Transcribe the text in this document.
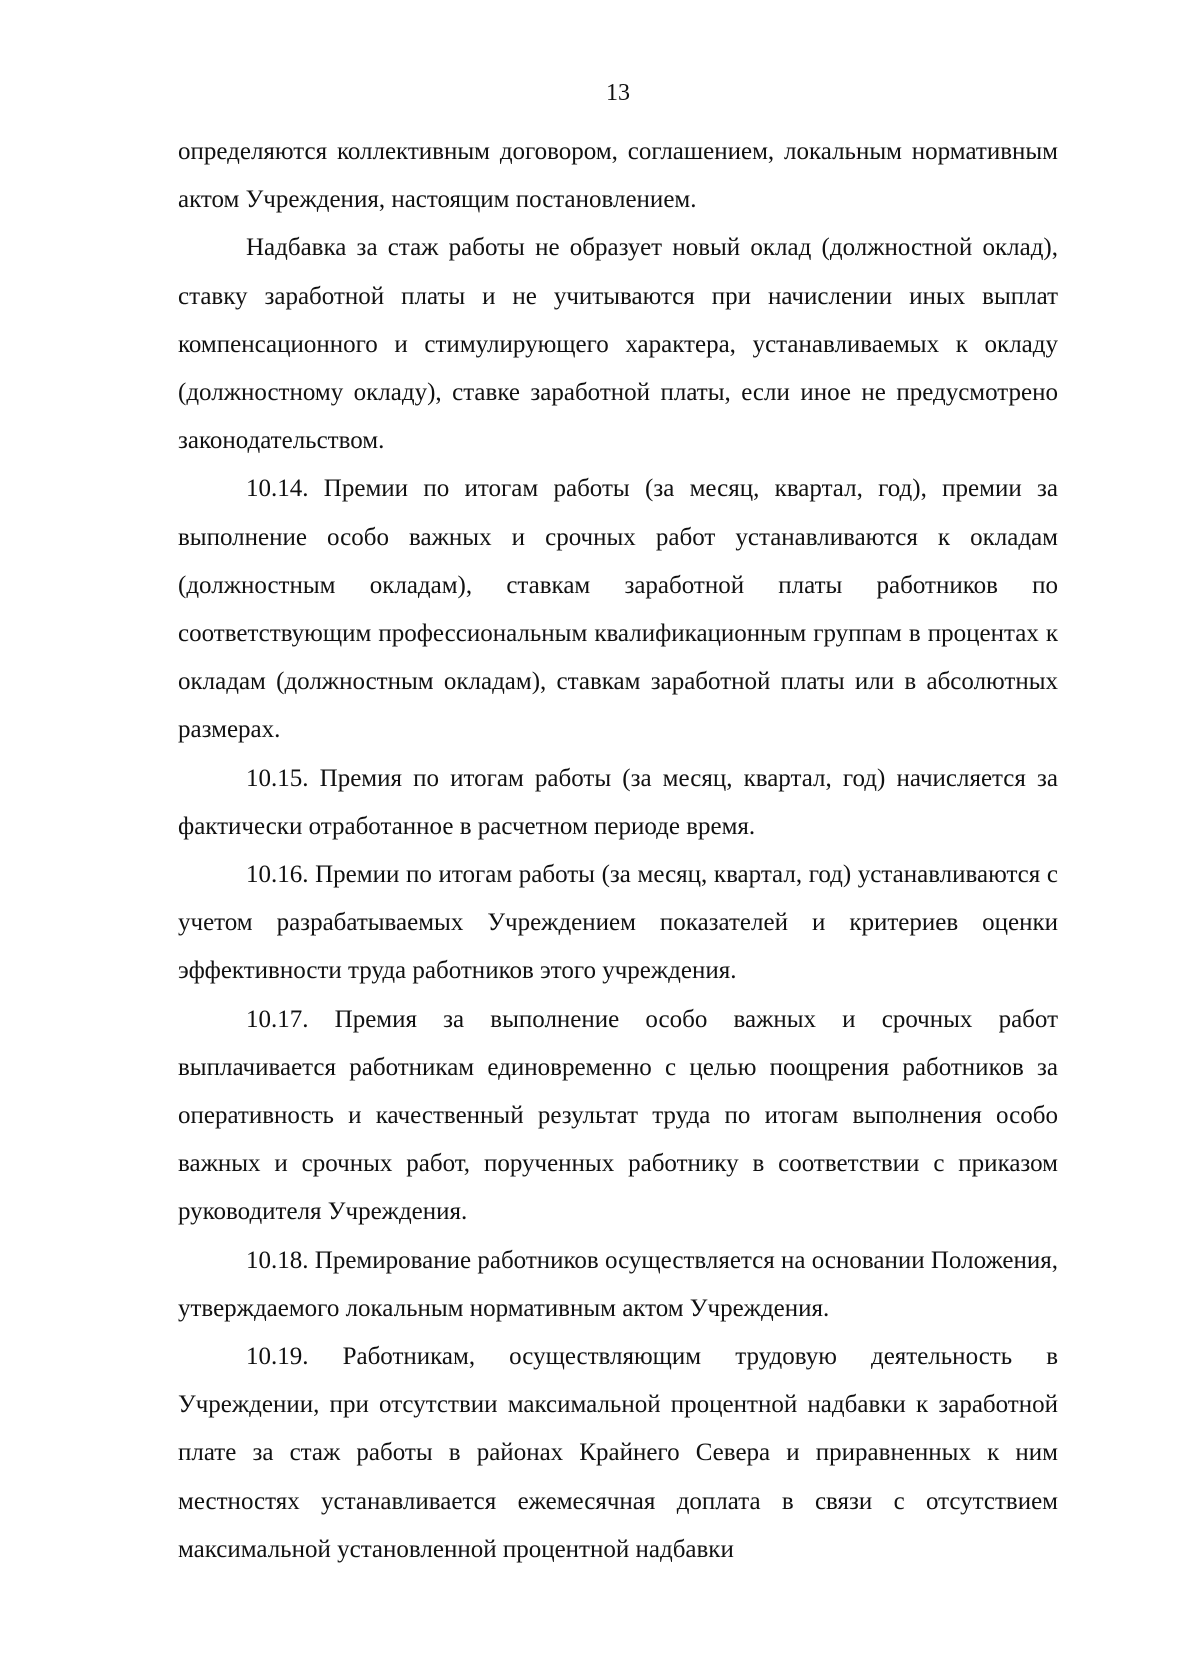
13

определяются коллективным договором, соглашением, локальным нормативным актом Учреждения, настоящим постановлением.

Надбавка за стаж работы не образует новый оклад (должностной оклад), ставку заработной платы и не учитываются при начислении иных выплат компенсационного и стимулирующего характера, устанавливаемых к окладу (должностному окладу), ставке заработной платы, если иное не предусмотрено законодательством.

10.14. Премии по итогам работы (за месяц, квартал, год), премии за выполнение особо важных и срочных работ устанавливаются к окладам (должностным окладам), ставкам заработной платы работников по соответствующим профессиональным квалификационным группам в процентах к окладам (должностным окладам), ставкам заработной платы или в абсолютных размерах.

10.15. Премия по итогам работы (за месяц, квартал, год) начисляется за фактически отработанное в расчетном периоде время.

10.16. Премии по итогам работы (за месяц, квартал, год) устанавливаются с учетом разрабатываемых Учреждением показателей и критериев оценки эффективности труда работников этого учреждения.

10.17. Премия за выполнение особо важных и срочных работ выплачивается работникам единовременно с целью поощрения работников за оперативность и качественный результат труда по итогам выполнения особо важных и срочных работ, порученных работнику в соответствии с приказом руководителя Учреждения.

10.18. Премирование работников осуществляется на основании Положения, утверждаемого локальным нормативным актом Учреждения.

10.19. Работникам, осуществляющим трудовую деятельность в Учреждении, при отсутствии максимальной процентной надбавки к заработной плате за стаж работы в районах Крайнего Севера и приравненных к ним местностях устанавливается ежемесячная доплата в связи с отсутствием максимальной установленной процентной надбавки
